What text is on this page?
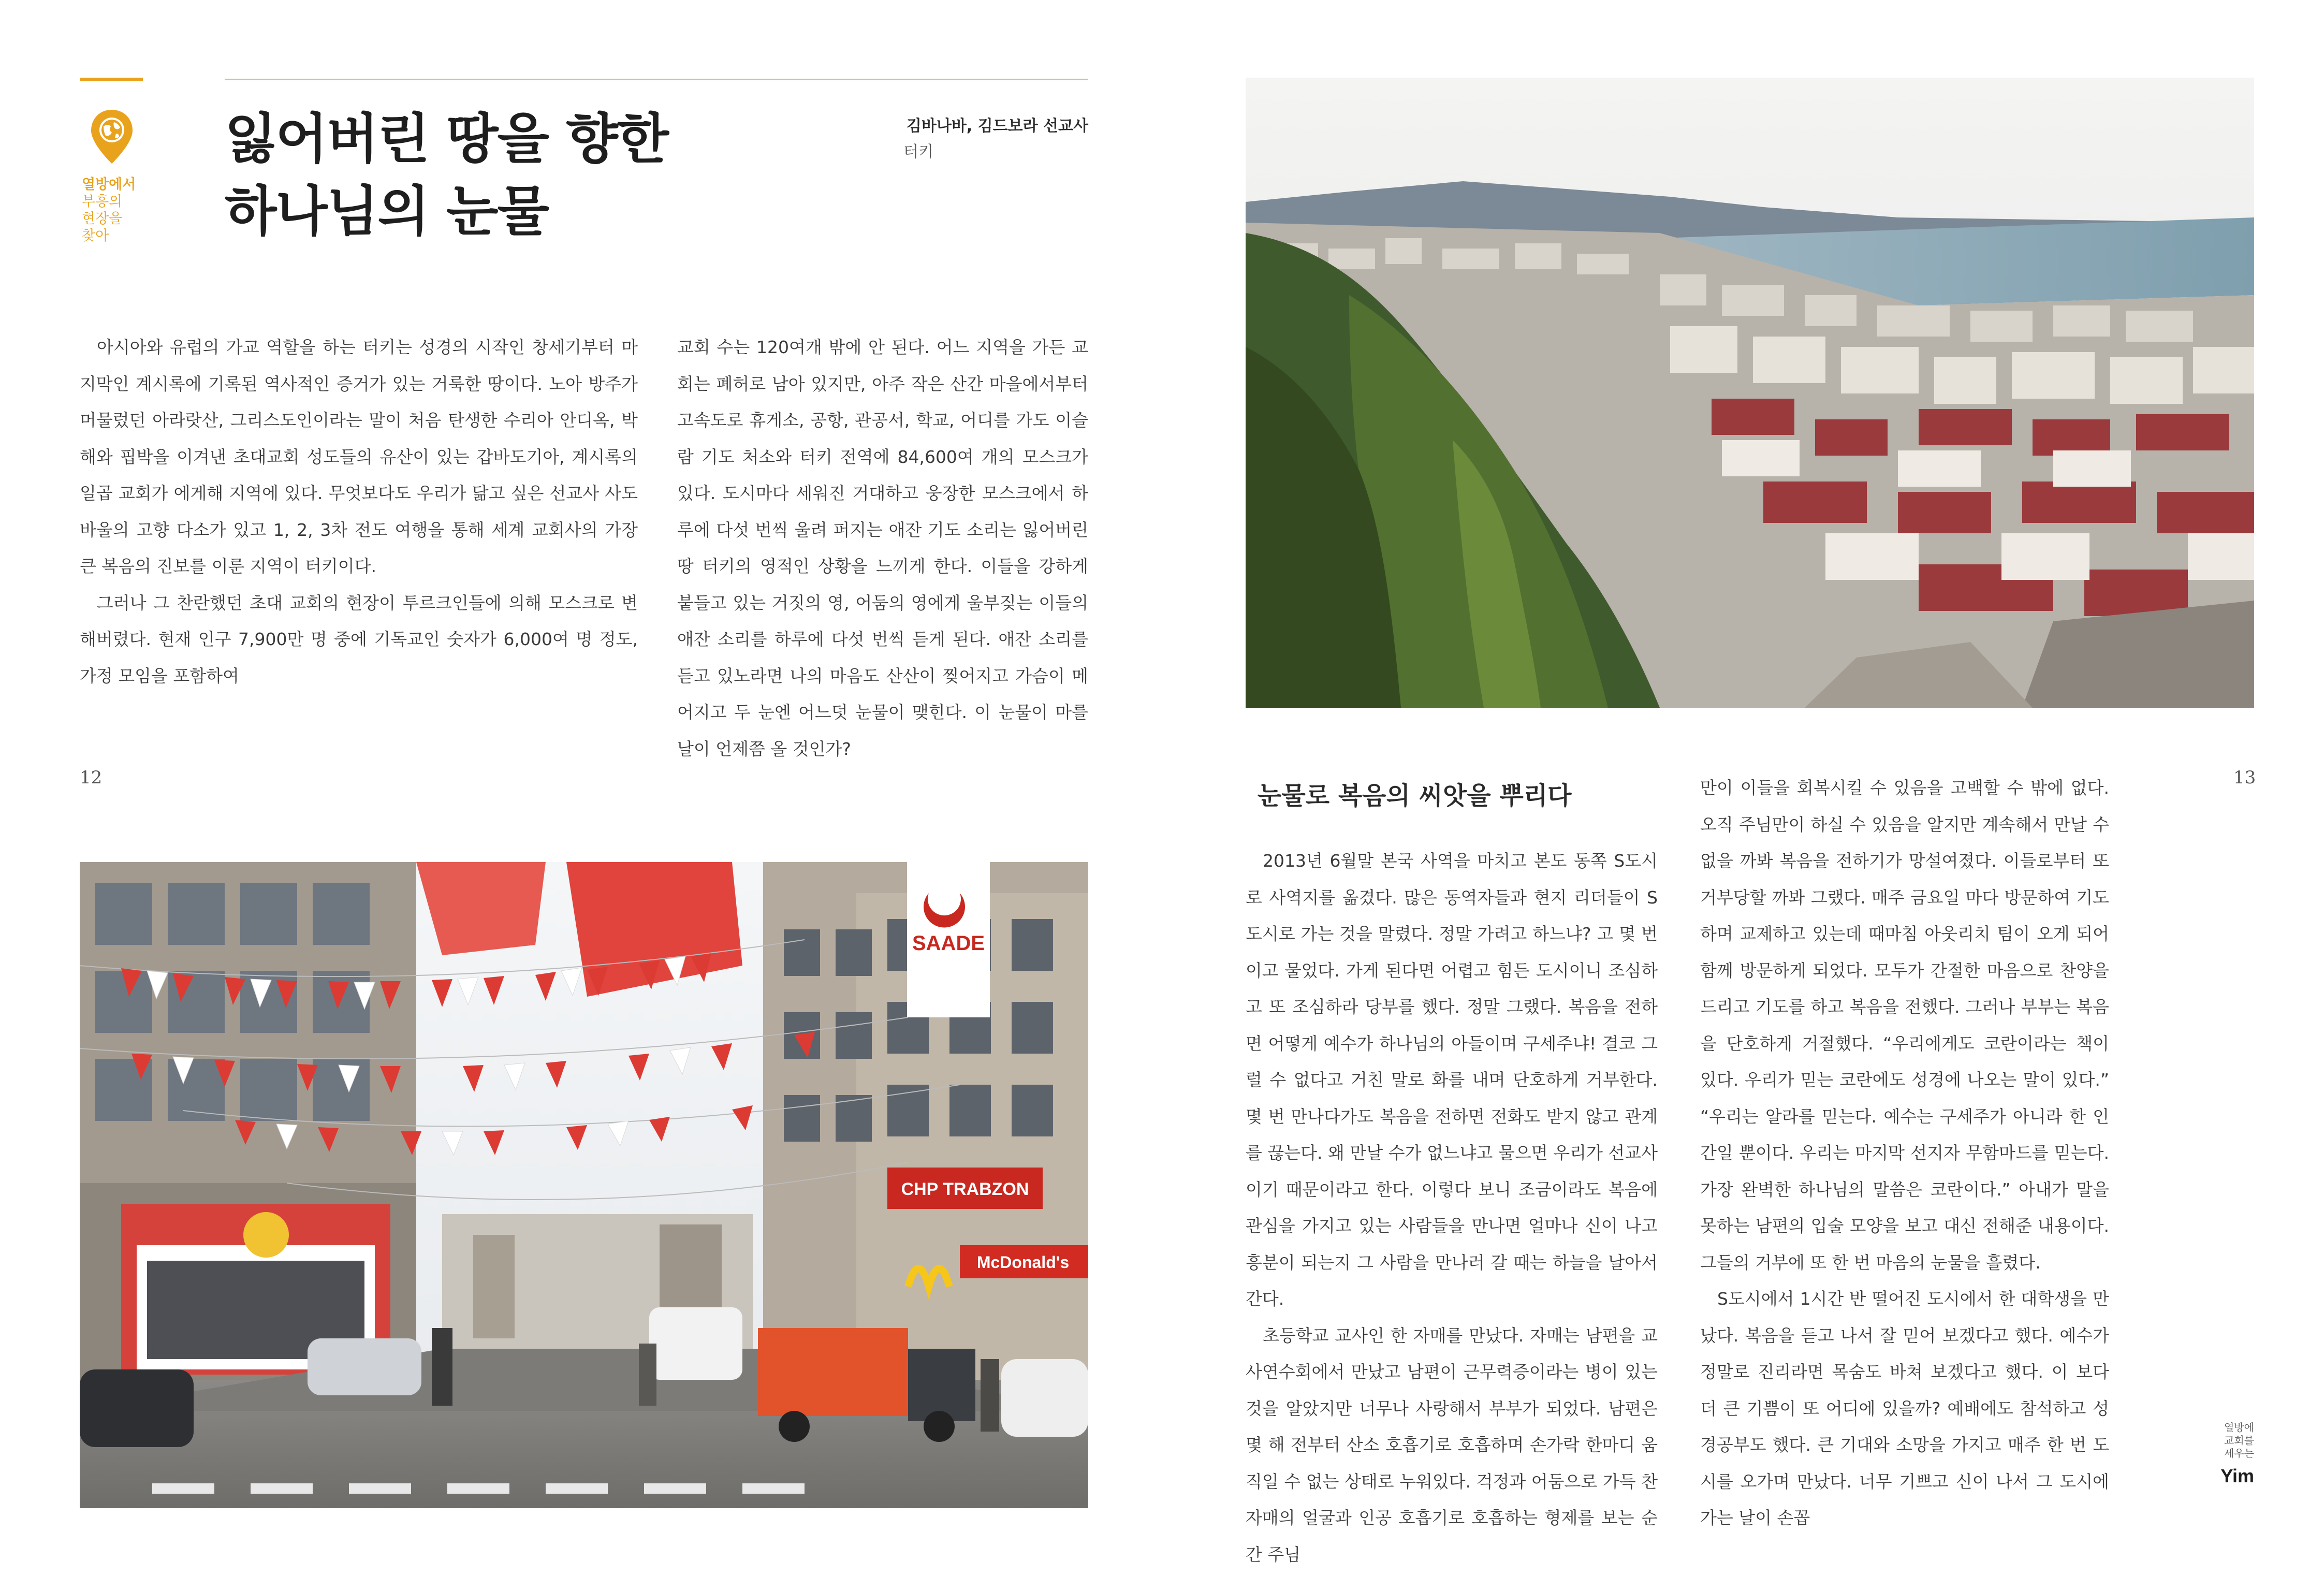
열방에서
부흥의
현장을
찾아
잃어버린 땅을 향한
하나님의 눈물
김바나바, 김드보라 선교사
터키

아시아와 유럽의 가교 역할을 하는 터키는 성경의 시작인 창세기부터 마지막인 계시록에 기록된 역사적인 증거가 있는 거룩한 땅이다. 노아 방주가 머물렀던 아라랏산, 그리스도인이라는 말이 처음 탄생한 수리아 안디옥, 박해와 핍박을 이겨낸 초대교회 성도들의 유산이 있는 갑바도기아, 계시록의 일곱 교회가 에게해 지역에 있다. 무엇보다도 우리가 닮고 싶은 선교사 사도 바울의 고향 다소가 있고 1, 2, 3차 전도 여행을 통해 세계 교회사의 가장 큰 복음의 진보를 이룬 지역이 터키이다.

그러나 그 찬란했던 초대 교회의 현장이 투르크인들에 의해 모스크로 변해버렸다. 현재 인구 7,900만 명 중에 기독교인 숫자가 6,000여 명 정도, 가정 모임을 포함하여

교회 수는 120여개 밖에 안 된다. 어느 지역을 가든 교회는 폐허로 남아 있지만, 아주 작은 산간 마을에서부터 고속도로 휴게소, 공항, 관공서, 학교, 어디를 가도 이슬람 기도 처소와 터키 전역에 84,600여 개의 모스크가 있다. 도시마다 세워진 거대하고 웅장한 모스크에서 하루에 다섯 번씩 울려 퍼지는 애잔 기도 소리는 잃어버린 땅 터키의 영적인 상황을 느끼게 한다. 이들을 강하게 붙들고 있는 거짓의 영, 어둠의 영에게 울부짖는 이들의 애잔 소리를 하루에 다섯 번씩 듣게 된다. 애잔 소리를 듣고 있노라면 나의 마음도 산산이 찢어지고 가슴이 메어지고 두 눈엔 어느덧 눈물이 맺힌다. 이 눈물이 마를 날이 언제쯤 올 것인가?

12
CHP TRABZON
McDonald's
SAADE
13
눈물로 복음의 씨앗을 뿌리다

2013년 6월말 본국 사역을 마치고 본도 동쪽 S도시로 사역지를 옮겼다. 많은 동역자들과 현지 리더들이 S도시로 가는 것을 말렸다. 정말 가려고 하느냐? 고 몇 번이고 물었다. 가게 된다면 어렵고 힘든 도시이니 조심하고 또 조심하라 당부를 했다. 정말 그랬다. 복음을 전하면 어떻게 예수가 하나님의 아들이며 구세주냐! 결코 그럴 수 없다고 거친 말로 화를 내며 단호하게 거부한다. 몇 번 만나다가도 복음을 전하면 전화도 받지 않고 관계를 끊는다. 왜 만날 수가 없느냐고 물으면 우리가 선교사이기 때문이라고 한다. 이렇다 보니 조금이라도 복음에 관심을 가지고 있는 사람들을 만나면 얼마나 신이 나고 흥분이 되는지 그 사람을 만나러 갈 때는 하늘을 날아서 간다.

초등학교 교사인 한 자매를 만났다. 자매는 남편을 교사연수회에서 만났고 남편이 근무력증이라는 병이 있는 것을 알았지만 너무나 사랑해서 부부가 되었다. 남편은 몇 해 전부터 산소 호흡기로 호흡하며 손가락 한마디 움직일 수 없는 상태로 누워있다. 걱정과 어둠으로 가득 찬 자매의 얼굴과 인공 호흡기로 호흡하는 형제를 보는 순간 주님

만이 이들을 회복시킬 수 있음을 고백할 수 밖에 없다. 오직 주님만이 하실 수 있음을 알지만 계속해서 만날 수 없을 까봐 복음을 전하기가 망설여졌다. 이들로부터 또 거부당할 까봐 그랬다. 매주 금요일 마다 방문하여 기도하며 교제하고 있는데 때마침 아웃리치 팀이 오게 되어 함께 방문하게 되었다. 모두가 간절한 마음으로 찬양을 드리고 기도를 하고 복음을 전했다. 그러나 부부는 복음을 단호하게 거절했다. “우리에게도 코란이라는 책이 있다. 우리가 믿는 코란에도 성경에 나오는 말이 있다.” “우리는 알라를 믿는다. 예수는 구세주가 아니라 한 인간일 뿐이다. 우리는 마지막 선지자 무함마드를 믿는다. 가장 완벽한 하나님의 말씀은 코란이다.” 아내가 말을 못하는 남편의 입술 모양을 보고 대신 전해준 내용이다. 그들의 거부에 또 한 번 마음의 눈물을 흘렸다.

S도시에서 1시간 반 떨어진 도시에서 한 대학생을 만났다. 복음을 듣고 나서 잘 믿어 보겠다고 했다. 예수가 정말로 진리라면 목숨도 바쳐 보겠다고 했다. 이 보다 더 큰 기쁨이 또 어디에 있을까? 예배에도 참석하고 성경공부도 했다. 큰 기대와 소망을 가지고 매주 한 번 도시를 오가며 만났다. 너무 기쁘고 신이 나서 그 도시에 가는 날이 손꼽

열방에
교회를
세우는
Yim
